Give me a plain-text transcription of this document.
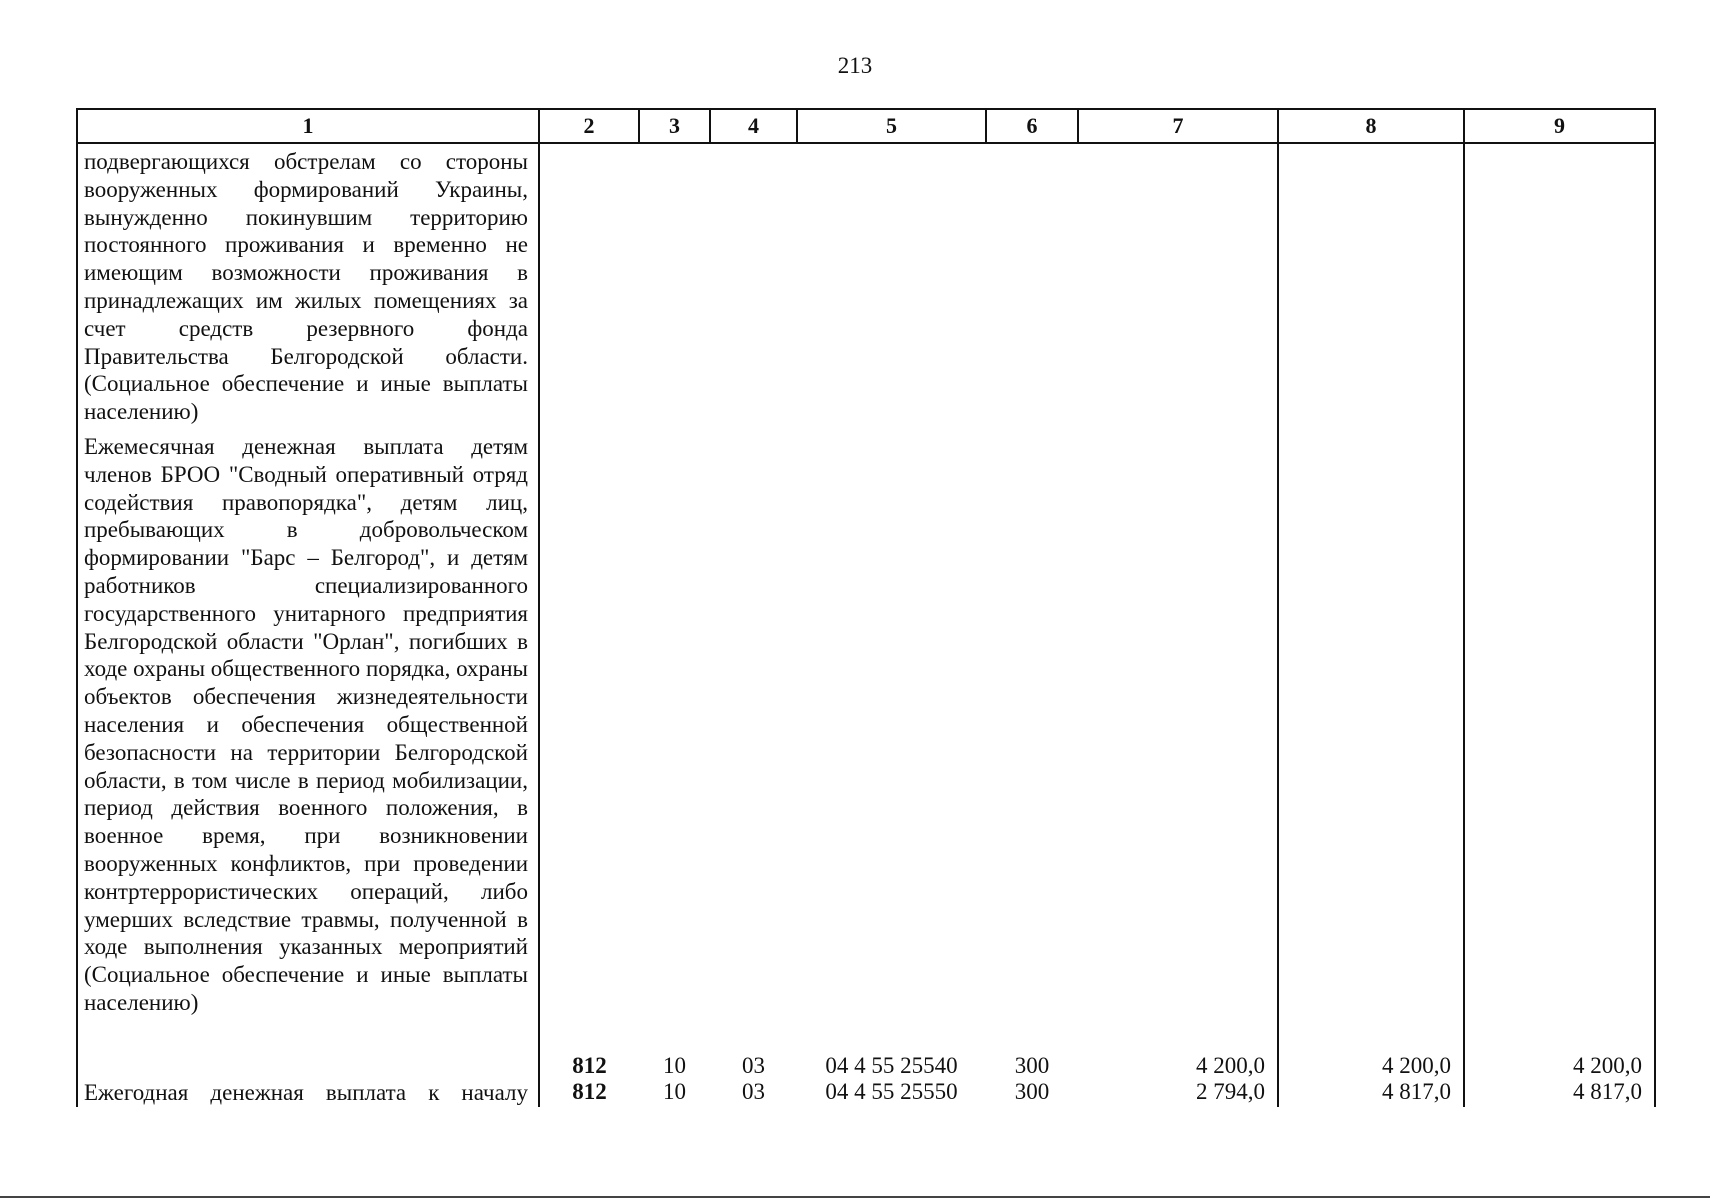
213
1	2	3	4	5	6	7	8	9
подвергающихся обстрелам со стороны вооруженных формирований Украины, вынужденно покинувшим территорию постоянного проживания и временно не имеющим возможности проживания в принадлежащих им жилых помещениях за счет средств резервного фонда Правительства Белгородской области. (Социальное обеспечение и иные выплаты населению)								
Ежемесячная денежная выплата детям членов БРОО "Сводный оперативный отряд содействия правопорядка", детям лиц, пребывающих в добровольческом формировании "Барс – Белгород", и детям работников специализированного государственного унитарного предприятия Белгородской области "Орлан", погибших в ходе охраны общественного порядка, охраны объектов обеспечения жизнедеятельности населения и обеспечения общественной безопасности на территории Белгородской области, в том числе в период мобилизации, период действия военного положения, в военное время, при возникновении вооруженных конфликтов, при проведении контртеррористических операций, либо умерших вследствие травмы, полученной в ходе выполнения указанных мероприятий (Социальное обеспечение и иные выплаты населению)	812	10	03	04 4 55 25540	300	4 200,0	4 200,0	4 200,0
Ежегодная денежная выплата к началу	812	10	03	04 4 55 25550	300	2 794,0	4 817,0	4 817,0
